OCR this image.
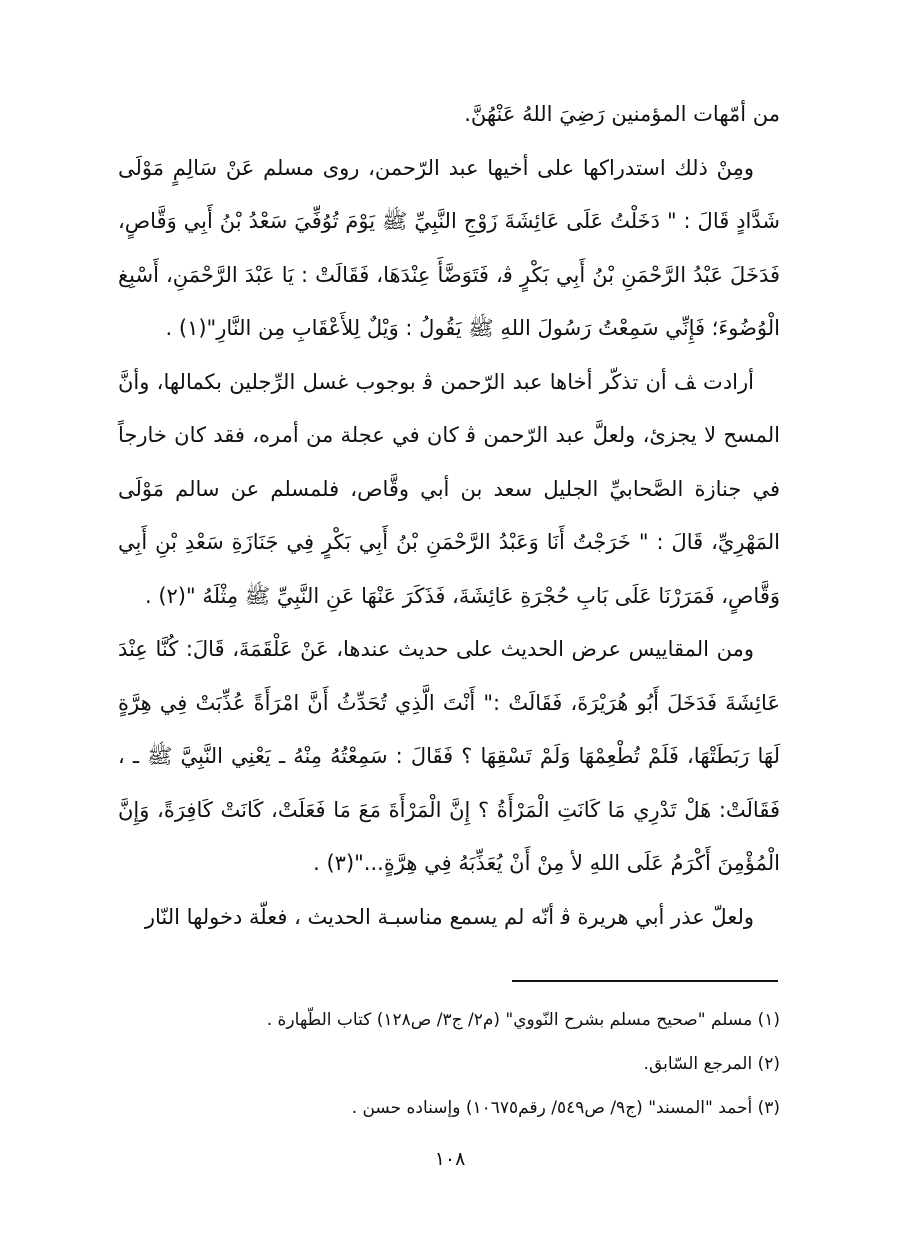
من أمّهات المؤمنين رَضِيَ اللهُ عَنْهُنَّ.

ومِنْ ذلك استدراكها على أخيها عبد الرّحمن، روى مسلم عَنْ سَالِمٍ مَوْلَى شَدَّادٍ قَالَ : " دَخَلْتُ عَلَى عَائِشَةَ زَوْجِ النَّبِيِّ ﷺ يَوْمَ تُوُفِّيَ سَعْدُ بْنُ أَبِي وَقَّاصٍ، فَدَخَلَ عَبْدُ الرَّحْمَنِ بْنُ أَبِي بَكْرٍ ﭬ، فَتَوَضَّأَ عِنْدَهَا، فَقَالَتْ : يَا عَبْدَ الرَّحْمَنِ، أَسْبِغ الْوُضُوءَ؛ فَإِنِّي سَمِعْتُ رَسُولَ اللهِ ﷺ يَقُولُ : وَيْلٌ لِلأَعْقَابِ مِن النَّارِ"(١) .

أرادت ﭫ أن تذكّر أخاها عبد الرّحمن ﭬ بوجوب غسل الرِّجلين بكمالها، وأنَّ المسح لا يجزئ، ولعلَّ عبد الرّحمن ﭬ كان في عجلة من أمره، فقد كان خارجاً في جنازة الصَّحابيِّ الجليل سعد بن أبي وقَّاص، فلمسلم عن سالم مَوْلَى المَهْرِيِّ، قَالَ : " خَرَجْتُ أَنَا وَعَبْدُ الرَّحْمَنِ بْنُ أَبِي بَكْرٍ فِي جَنَازَةِ سَعْدِ بْنِ أَبِي وَقَّاصٍ، فَمَرَرْنَا عَلَى بَابِ حُجْرَةِ عَائِشَةَ، فَذَكَرَ عَنْهَا عَنِ النَّبِيِّ ﷺ مِثْلَهُ "(٢) .

ومن المقاييس عرض الحديث على حديث عندها، عَنْ عَلْقَمَةَ، قَالَ: كُنَّا عِنْدَ عَائِشَةَ فَدَخَلَ أَبُو هُرَيْرَةَ، فَقَالَتْ :" أَنْتَ الَّذِي تُحَدِّثُ أَنَّ امْرَأَةً عُذِّبَتْ فِي هِرَّةٍ لَهَا رَبَطَتْهَا، فَلَمْ تُطْعِمْهَا وَلَمْ تَسْقِهَا ؟ فَقَالَ : سَمِعْتُهُ مِنْهُ ـ يَعْنِي النَّبِيَّ ﷺ ـ ، فَقَالَتْ: هَلْ تَدْرِي مَا كَانَتِ الْمَرْأَةُ ؟ إِنَّ الْمَرْأَةَ مَعَ مَا فَعَلَتْ، كَانَتْ كَافِرَةً، وَإِنَّ الْمُؤْمِنَ أَكْرَمُ عَلَى اللهِ ﻷ مِنْ أَنْ يُعَذِّبَهُ فِي هِرَّةٍ..."(٣) .

ولعلّ عذر أبي هريرة ﭬ أنّه لم يسمع مناسبـة الحديث ، فعلّة دخولها النّار

(١) مسلم "صحيح مسلم بشرح النّووي" (م٢/ ج٣/ ص١٢٨) كتاب الطّهارة .

(٢) المرجع السّابق.

(٣) أحمد "المسند" (ج٩/ ص٥٤٩/ رقم١٠٦٧٥) وإسناده حسن .

١٠٨
